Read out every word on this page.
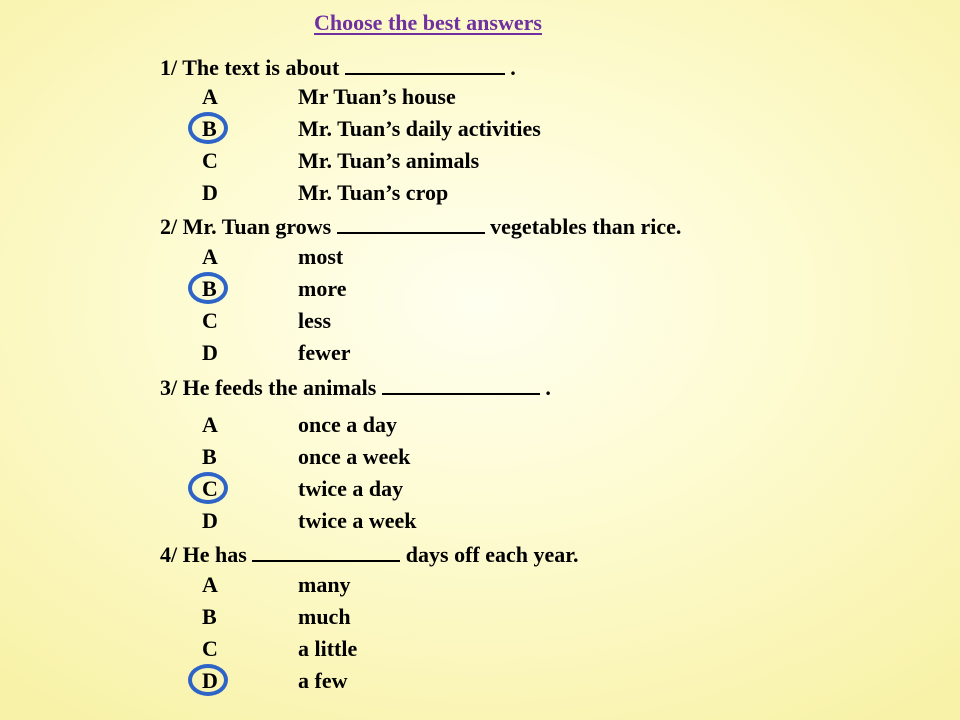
Choose the best answers
1/ The text is about	.
A	Mr Tuan’s house
B	Mr. Tuan’s daily activities
C	Mr. Tuan’s animals
D	Mr. Tuan’s crop
2/ Mr. Tuan grows	vegetables than rice.
A	most
B	more
C	less
D	fewer
3/ He feeds the animals	.
A	once a day
B	once a week
C	twice a day
D	twice a week
4/ He has	days off each year.
A	many
B	much
C	a little
D	a few
